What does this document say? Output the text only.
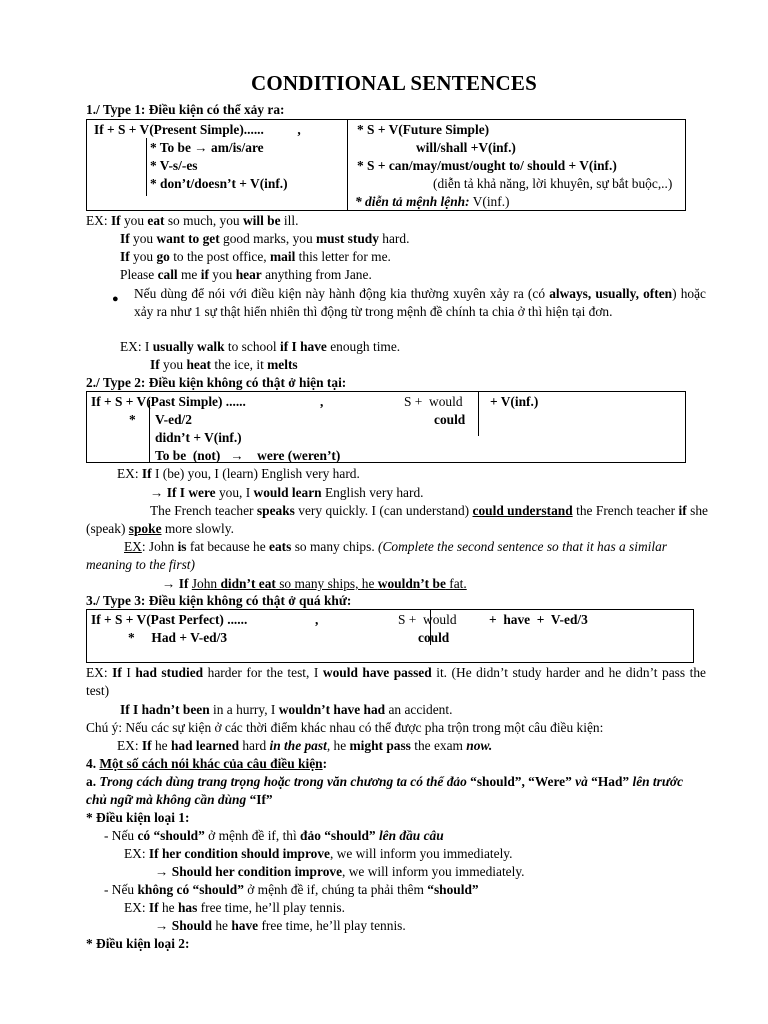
CONDITIONAL SENTENCES
1./ Type 1: Điều kiện có thể xảy ra:
If + S + V(Present Simple)......          ,
* To be → am/is/are
* V-s/-es
* don’t/doesn’t + V(inf.)
* S + V(Future Simple)
will/shall +V(inf.)
* S + can/may/must/ought to/ should + V(inf.)
(diễn tả khả năng, lời khuyên, sự bắt buộc,..)
* diễn tả mệnh lệnh: V(inf.)
EX: If you eat so much, you will be ill.
If you want to get good marks, you must study hard.
If you go to the post office, mail this letter for me.
Please call me if you hear anything from Jane.
● Nếu dùng để nói với điều kiện này hành động kia thường xuyên xảy ra (có always, usually, often) hoặc xảy ra như 1 sự thật hiển nhiên thì động từ trong mệnh đề chính ta chia ở thì hiện tại đơn.
EX: I usually walk to school if I have enough time.
If you heat the ice, it melts
2./ Type 2: Điều kiện không có thật ở hiện tại:
If + S + V(Past Simple) ......	,
* V-ed/2
didn’t + V(inf.)
To be  (not)   →    were (weren’t)
S +  would
could
+ V(inf.)
EX: If I (be) you, I (learn) English very hard.
→ If I were you, I would learn English very hard.
The French teacher speaks very quickly. I (can understand) could understand the French teacher if she (speak) spoke more slowly.
EX: John is fat because he eats so many chips. (Complete the second sentence so that it has a similar meaning to the first)
→ If John didn’t eat so many ships, he wouldn’t be fat.
3./ Type 3: Điều kiện không có thật ở quá khứ:
If + S + V(Past Perfect) ......	,
*     Had + V-ed/3
S +  would
could
+  have  +  V-ed/3
EX: If I had studied harder for the test, I would have passed it. (He didn’t study harder and he didn’t pass the test)
If I hadn’t been in a hurry, I wouldn’t have had an accident.
Chú ý: Nếu các sự kiện ở các thời điểm khác nhau có thể được pha trộn trong một câu điều kiện:
EX: If he had learned hard in the past, he might pass the exam now.
4. Một số cách nói khác của câu điều kiện:
a. Trong cách dùng trang trọng hoặc trong văn chương ta có thể đảo “should”, “Were” và “Had” lên trước chủ ngữ mà không cần dùng “If”
* Điều kiện loại 1:
- Nếu có “should” ở mệnh đề if, thì đảo “should” lên đầu câu
EX: If her condition should improve, we will inform you immediately.
→ Should her condition improve, we will inform you immediately.
- Nếu không có “should” ở mệnh đề if, chúng ta phải thêm “should”
EX: If he has free time, he’ll play tennis.
→ Should he have free time, he’ll play tennis.
* Điều kiện loại 2:
